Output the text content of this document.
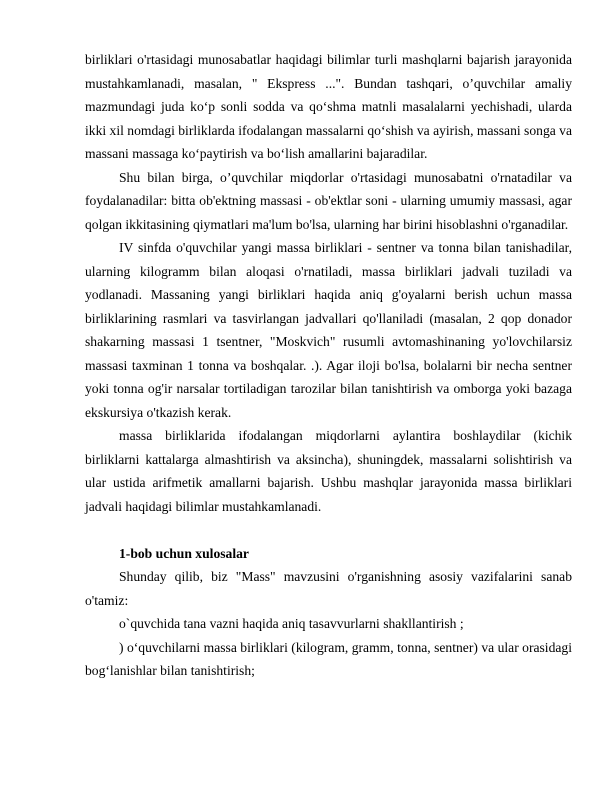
birliklari o'rtasidagi munosabatlar haqidagi bilimlar turli mashqlarni bajarish jarayonida mustahkamlanadi, masalan, " Ekspress ...". Bundan tashqari, o’quvchilar amaliy mazmundagi juda ko‘p sonli sodda va qo‘shma matnli masalalarni yechishadi, ularda ikki xil nomdagi birliklarda ifodalangan massalarni qo‘shish va ayirish, massani songa va massani massaga ko‘paytirish va bo‘lish amallarini bajaradilar.

Shu bilan birga, o’quvchilar miqdorlar o'rtasidagi munosabatni o'rnatadilar va foydalanadilar: bitta ob'ektning massasi - ob'ektlar soni - ularning umumiy massasi, agar qolgan ikkitasining qiymatlari ma'lum bo'lsa, ularning har birini hisoblashni o'rganadilar.

IV sinfda o'quvchilar yangi massa birliklari - sentner va tonna bilan tanishadilar, ularning kilogramm bilan aloqasi o'rnatiladi, massa birliklari jadvali tuziladi va yodlanadi. Massaning yangi birliklari haqida aniq g'oyalarni berish uchun massa birliklarining rasmlari va tasvirlangan jadvallari qo'llaniladi (masalan, 2 qop donador shakarning massasi 1 tsentner, "Moskvich" rusumli avtomashinaning yo'lovchilarsiz massasi taxminan 1 tonna va boshqalar. .). Agar iloji bo'lsa, bolalarni bir necha sentner yoki tonna og'ir narsalar tortiladigan tarozilar bilan tanishtirish va omborga yoki bazaga ekskursiya o'tkazish kerak.

massa birliklarida ifodalangan miqdorlarni aylantira boshlaydilar (kichik birliklarni kattalarga almashtirish va aksincha), shuningdek, massalarni solishtirish va ular ustida arifmetik amallarni bajarish. Ushbu mashqlar jarayonida massa birliklari jadvali haqidagi bilimlar mustahkamlanadi.

1-bob uchun xulosalar

Shunday qilib, biz "Mass" mavzusini o'rganishning asosiy vazifalarini sanab o'tamiz:

o`quvchida tana vazni haqida aniq tasavvurlarni shakllantirish ;

) o‘quvchilarni massa birliklari (kilogram, gramm, tonna, sentner) va ular orasidagi bog‘lanishlar bilan tanishtirish;
